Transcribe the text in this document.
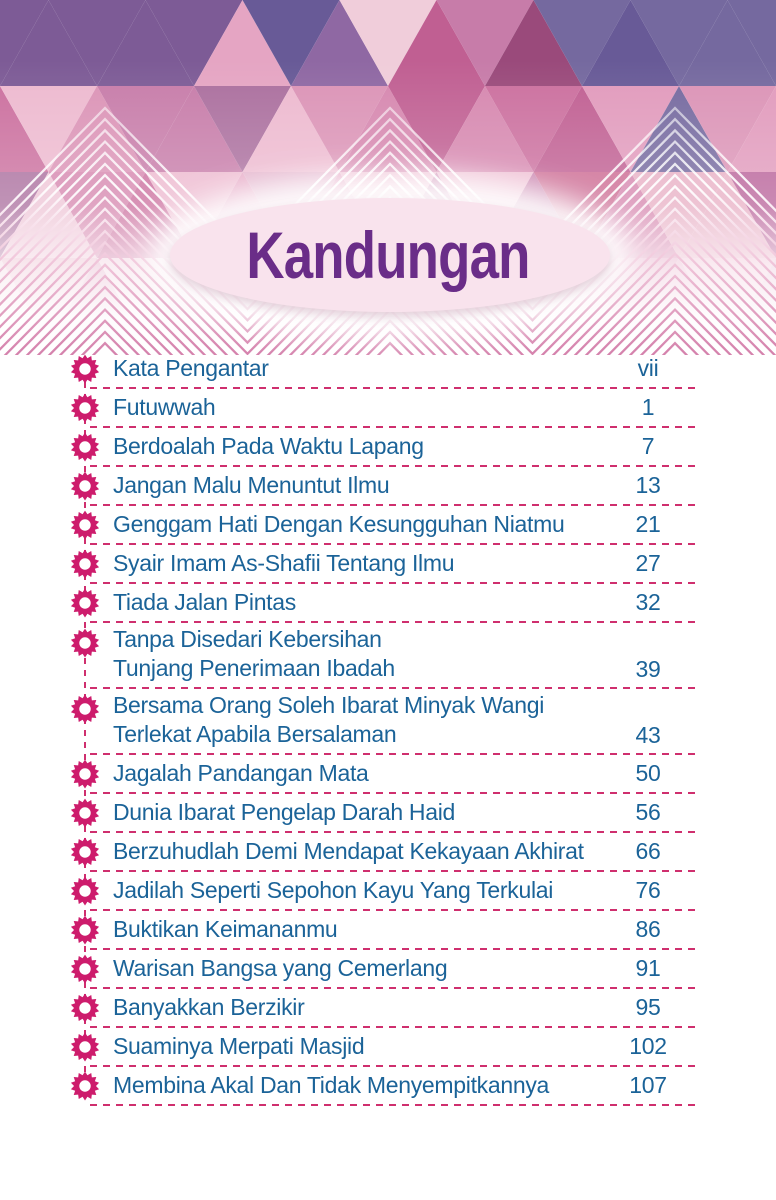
Kandungan
Kata Pengantar	vii
Futuwwah	1
Berdoalah Pada Waktu Lapang	7
Jangan Malu Menuntut Ilmu	13
Genggam Hati Dengan Kesungguhan Niatmu	21
Syair Imam As-Shafii Tentang Ilmu	27
Tiada Jalan Pintas	32
Tanpa Disedari Kebersihan
Tunjang Penerimaan Ibadah	39
Bersama Orang Soleh Ibarat Minyak Wangi
Terlekat Apabila Bersalaman	43
Jagalah Pandangan Mata	50
Dunia Ibarat Pengelap Darah Haid	56
Berzuhudlah Demi Mendapat Kekayaan Akhirat	66
Jadilah Seperti Sepohon Kayu Yang Terkulai	76
Buktikan Keimananmu	86
Warisan Bangsa yang Cemerlang	91
Banyakkan Berzikir	95
Suaminya Merpati Masjid	102
Membina Akal Dan Tidak Menyempitkannya	107
